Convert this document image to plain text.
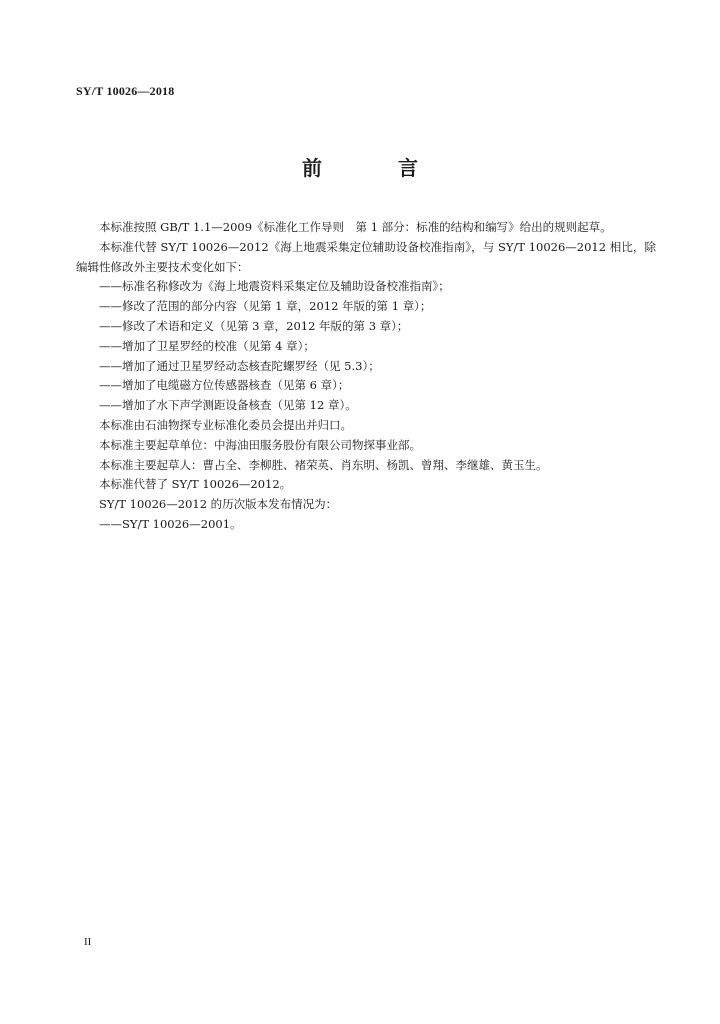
SY/T 10026—2018
前　言

本标准按照 GB/T 1.1—2009《标准化工作导则　第 1 部分：标准的结构和编写》给出的规则起草。

本标准代替 SY/T 10026—2012《海上地震采集定位辅助设备校准指南》，与 SY/T 10026—2012 相比，除编辑性修改外主要技术变化如下：

——标准名称修改为《海上地震资料采集定位及辅助设备校准指南》；

——修改了范围的部分内容（见第 1 章，2012 年版的第 1 章）；

——修改了术语和定义（见第 3 章，2012 年版的第 3 章）；

——增加了卫星罗经的校准（见第 4 章）；

——增加了通过卫星罗经动态核查陀螺罗经（见 5.3）；

——增加了电缆磁方位传感器核查（见第 6 章）；

——增加了水下声学测距设备核查（见第 12 章）。

本标准由石油物探专业标准化委员会提出并归口。

本标准主要起草单位：中海油田服务股份有限公司物探事业部。

本标准主要起草人：曹占全、李柳胜、褚荣英、肖东明、杨凯、曾翔、李继雄、黄玉生。

本标准代替了 SY/T 10026—2012。

SY/T 10026—2012 的历次版本发布情况为：

——SY/T 10026—2001。

II
